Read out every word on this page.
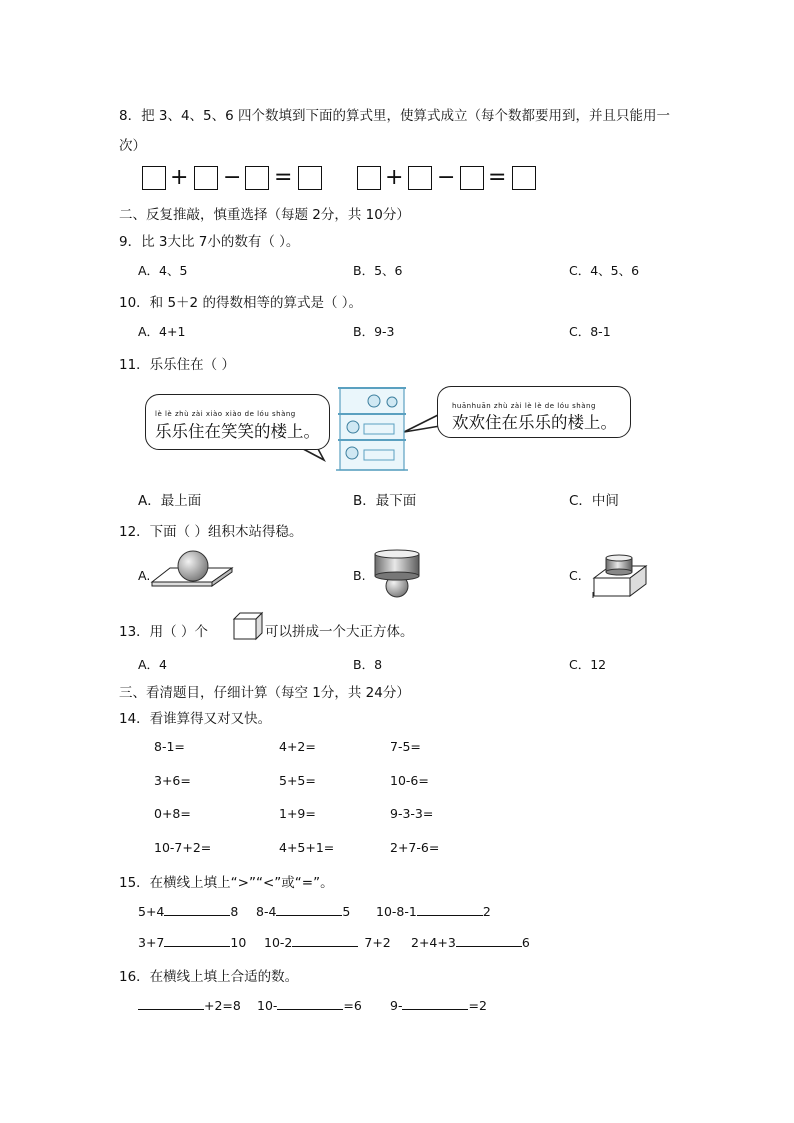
8．把 3、4、5、6 四个数填到下面的算式里，使算式成立（每个数都要用到，并且只能用一
次）
+ − =	+ − =
二、反复推敲，慎重选择（每题 2分，共 10分）
9．比 3大比 7小的数有（ ）。
A．4、5	B．5、6	C．4、5、6
10．和 5＋2 的得数相等的算式是（ ）。
A．4+1	B．9-3	C．8-1
11．乐乐住在（ ）
lè lè zhù zài xiào xiào de lóu shàng
乐乐住在笑笑的楼上。
huānhuān zhù zài lè lè de lóu shàng
欢欢住在乐乐的楼上。
A．最上面	B．最下面	C．中间
12．下面（ ）组积木站得稳。
A.	B.	C.
13．用（ ）个	可以拼成一个大正方体。
A．4	B．8	C．12
三、看清题目，仔细计算（每空 1分，共 24分）
14．看谁算得又对又快。
8-1=	4+2=	7-5=
3+6=	5+5=	10-6=
0+8=	1+9=	9-3-3=
10-7+2=	4+5+1=	2+7-6=
15．在横线上填上“>”“<”或“=”。
5+4	8 8-4	5 10-8-1	2
3+7	10 10-2	7+2 2+4+3	6
16．在横线上填上合适的数。
+2=8 10-	=6 9-	=2
